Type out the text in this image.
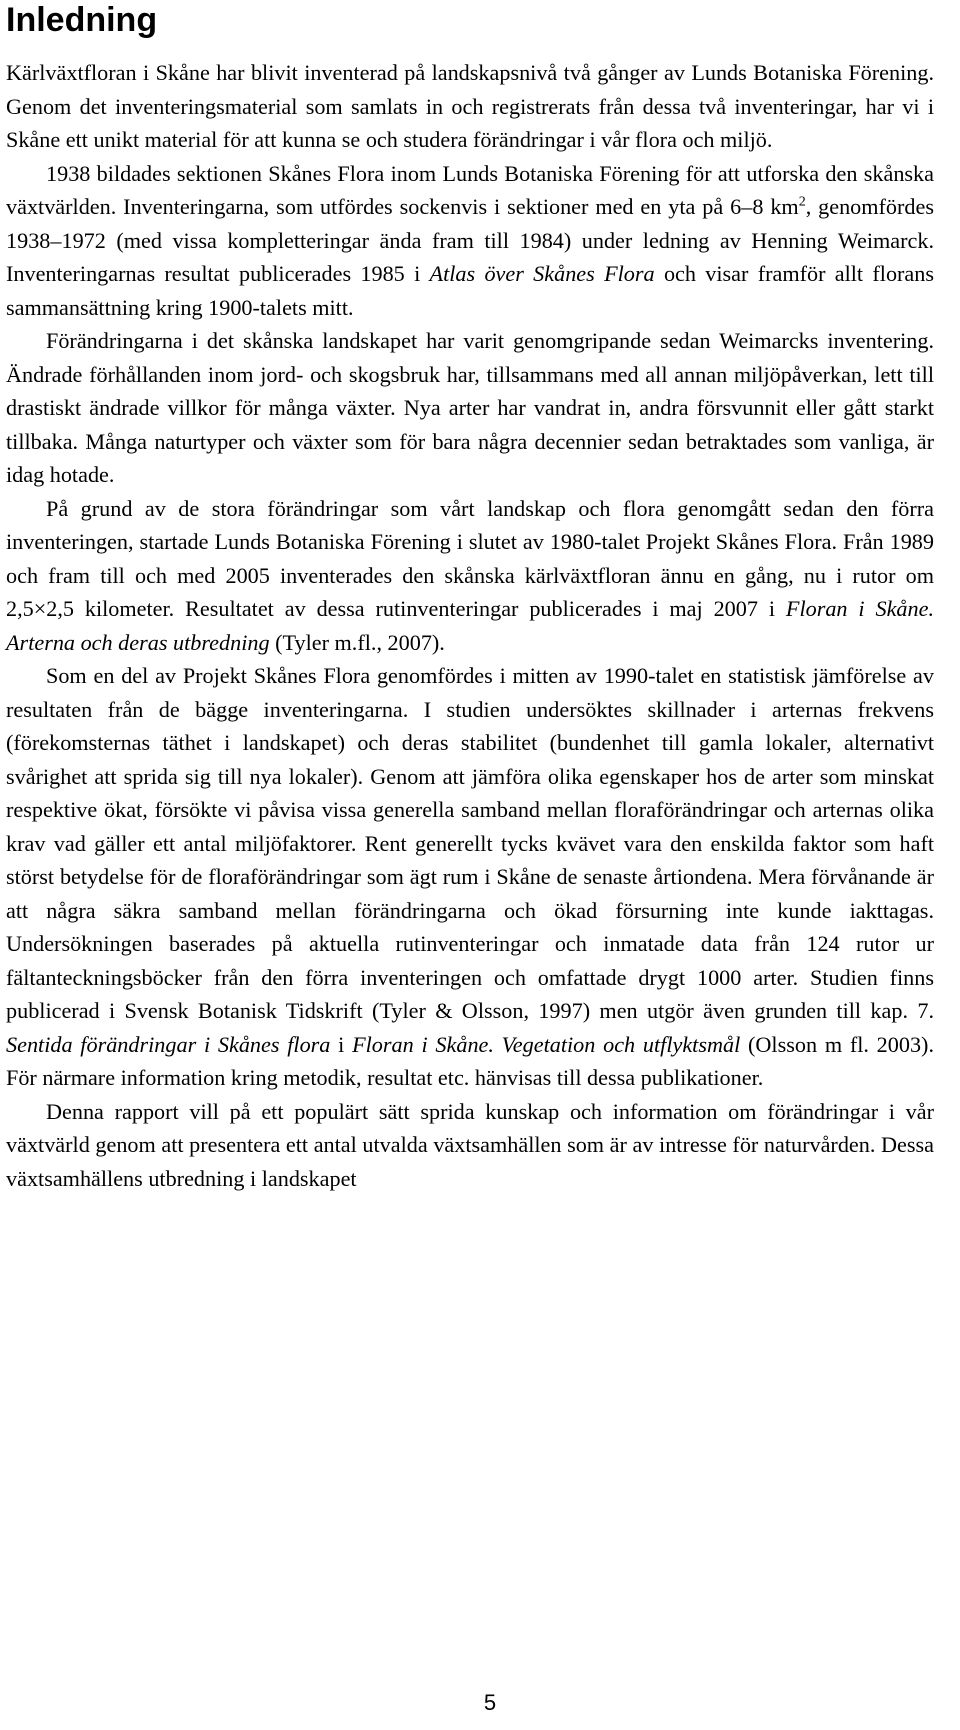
Inledning

Kärlväxtfloran i Skåne har blivit inventerad på landskapsnivå två gånger av Lunds Botaniska Förening. Genom det inventeringsmaterial som samlats in och registrerats från dessa två inventeringar, har vi i Skåne ett unikt material för att kunna se och studera förändringar i vår flora och miljö.

1938 bildades sektionen Skånes Flora inom Lunds Botaniska Förening för att utforska den skånska växtvärlden. Inventeringarna, som utfördes sockenvis i sektioner med en yta på 6–8 $km^2$, genomfördes 1938–1972 (med vissa kompletteringar ända fram till 1984) under ledning av Henning Weimarck. Inventeringarnas resultat publicerades 1985 i Atlas över Skånes Flora och visar framför allt florans sammansättning kring 1900-talets mitt.

Förändringarna i det skånska landskapet har varit genomgripande sedan Weimarcks inventering. Ändrade förhållanden inom jord- och skogsbruk har, tillsammans med all annan miljöpåverkan, lett till drastiskt ändrade villkor för många växter. Nya arter har vandrat in, andra försvunnit eller gått starkt tillbaka. Många naturtyper och växter som för bara några decennier sedan betraktades som vanliga, är idag hotade.

På grund av de stora förändringar som vårt landskap och flora genomgått sedan den förra inventeringen, startade Lunds Botaniska Förening i slutet av 1980-talet Projekt Skånes Flora. Från 1989 och fram till och med 2005 inventerades den skånska kärlväxtfloran ännu en gång, nu i rutor om 2,5×2,5 kilometer. Resultatet av dessa rutinventeringar publicerades i maj 2007 i Floran i Skåne. Arterna och deras utbredning (Tyler m.fl., 2007).

Som en del av Projekt Skånes Flora genomfördes i mitten av 1990-talet en statistisk jämförelse av resultaten från de bägge inventeringarna. I studien undersöktes skillnader i arternas frekvens (förekomsternas täthet i landskapet) och deras stabilitet (bundenhet till gamla lokaler, alternativt svårighet att sprida sig till nya lokaler). Genom att jämföra olika egenskaper hos de arter som minskat respektive ökat, försökte vi påvisa vissa generella samband mellan floraförändringar och arternas olika krav vad gäller ett antal miljöfaktorer. Rent generellt tycks kvävet vara den enskilda faktor som haft störst betydelse för de floraförändringar som ägt rum i Skåne de senaste årtiondena. Mera förvånande är att några säkra samband mellan förändringarna och ökad försurning inte kunde iakttagas. Undersökningen baserades på aktuella rutinventeringar och inmatade data från 124 rutor ur fältanteckningsböcker från den förra inventeringen och omfattade drygt 1000 arter. Studien finns publicerad i Svensk Botanisk Tidskrift (Tyler & Olsson, 1997) men utgör även grunden till kap. 7. Sentida förändringar i Skånes flora i Floran i Skåne. Vegetation och utflyktsmål (Olsson m fl. 2003). För närmare information kring metodik, resultat etc. hänvisas till dessa publikationer.

Denna rapport vill på ett populärt sätt sprida kunskap och information om förändringar i vår växtvärld genom att presentera ett antal utvalda växtsamhällen som är av intresse för naturvården. Dessa växtsamhällens utbredning i landskapet

5
